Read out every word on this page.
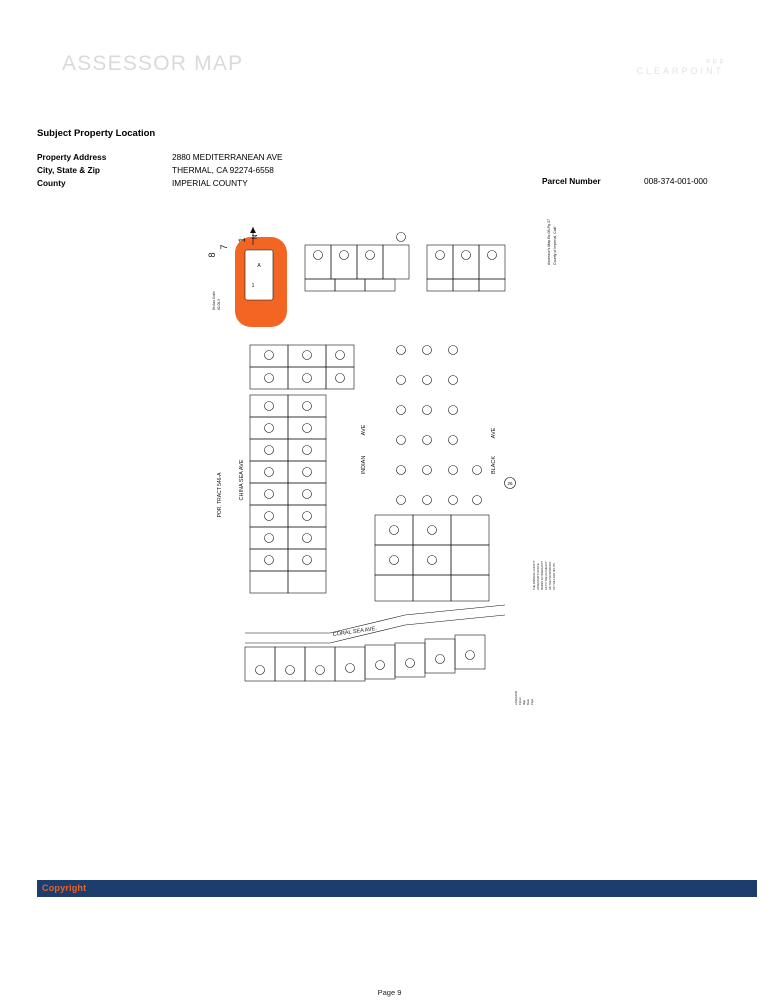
ASSESSOR MAP	a p p
CLEARPOINT
Subject Property Location
Property Address	2880 MEDITERRANEAN AVE
City, State & Zip	THERMAL, CA 92274-6558
County	IMPERIAL COUNTY	Parcel Number	008-374-001-000
A
1
8
7
1
N
8e Ana Scale 82-00-3
Assessor's Map Bk.08-Pg.37 County of Imperial, Calif.
CHINA SEA AVE
POR. TRACT 546-A
INDIAN
AVE
BLACK
AVE
CORAL SEA AVE.
THE IMPERIAL COUNTY ASSESSOR'S OFFICE MAKES NO WARRANTY AS TO THE ACCURACY OR THE INFORMATION OF THE LAND SPLITS
ASSESSOR Parcel Map Book Page
26
Copyright
Page 9
